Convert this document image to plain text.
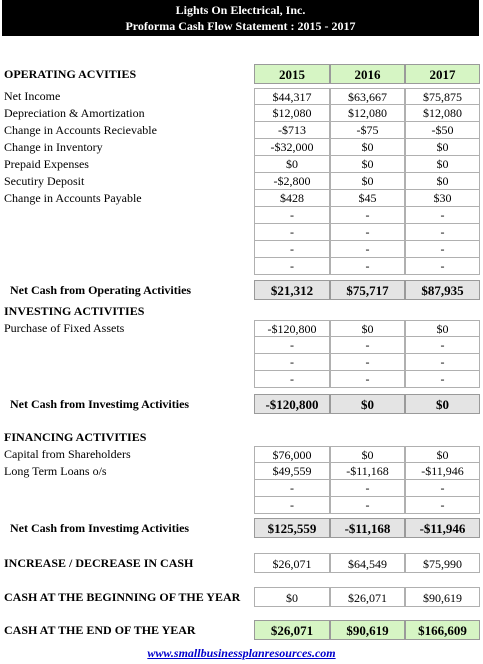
Lights On Electrical, Inc.
Proforma Cash Flow Statement : 2015 - 2017
OPERATING ACVITIES	2015	2016	2017
Net Income	$44,317	$63,667	$75,875
Depreciation & Amortization	$12,080	$12,080	$12,080
Change in Accounts Recievable	-$713	-$75	-$50
Change in Inventory	-$32,000	$0	$0
Prepaid Expenses	$0	$0	$0
Secutiry Deposit	-$2,800	$0	$0
Change in Accounts Payable	$428	$45	$30
-	-	-
-	-	-
-	-	-
-	-	-
Net Cash from Operating Activities	$21,312	$75,717	$87,935
INVESTING ACTIVITIES
Purchase of Fixed Assets	-$120,800	$0	$0
-	-	-
-	-	-
-	-	-
Net Cash from Investimg Activities	-$120,800	$0	$0
FINANCING ACTIVITIES
Capital from Shareholders	$76,000	$0	$0
Long Term Loans o/s	$49,559	-$11,168	-$11,946
-	-	-
-	-	-
Net Cash from Investimg Activities	$125,559	-$11,168	-$11,946
INCREASE / DECREASE IN CASH	$26,071	$64,549	$75,990
CASH AT THE BEGINNING OF THE YEAR	$0	$26,071	$90,619
CASH AT THE END OF THE YEAR	$26,071	$90,619	$166,609
www.smallbusinessplanresources.com
